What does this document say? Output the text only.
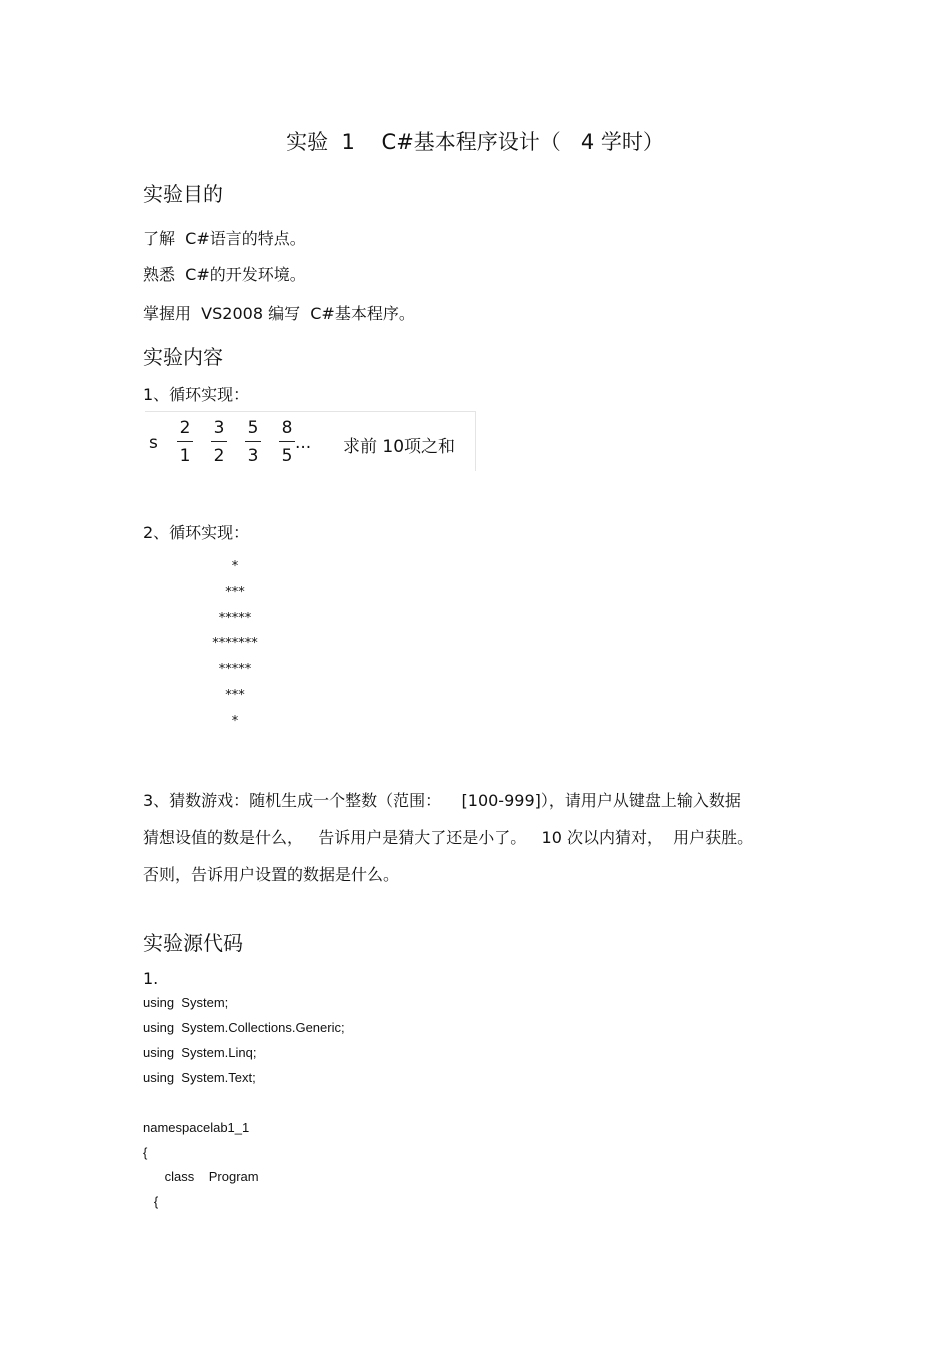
实验  1    C#基本程序设计（   4 学时）
实验目的
了解  C#语言的特点。
熟悉  C#的开发环境。
掌握用  VS2008 编写  C#基本程序。
实验内容
1、循环实现：
s
2
1
3
2
5
3
8
5
... 求前 10项之和
2、循环实现：
*
***
*****
*******
*****
***
*
3、猜数游戏：随机生成一个整数（范围：    [100-999]），请用户从键盘上输入数据
猜想设值的数是什么，   告诉用户是猜大了还是小了。   10 次以内猜对，  用户获胜。
否则，告诉用户设置的数据是什么。
实验源代码
1.
using  System;
using  System.Collections.Generic;
using  System.Linq;
using  System.Text;
namespacelab1_1
{
class    Program
{
